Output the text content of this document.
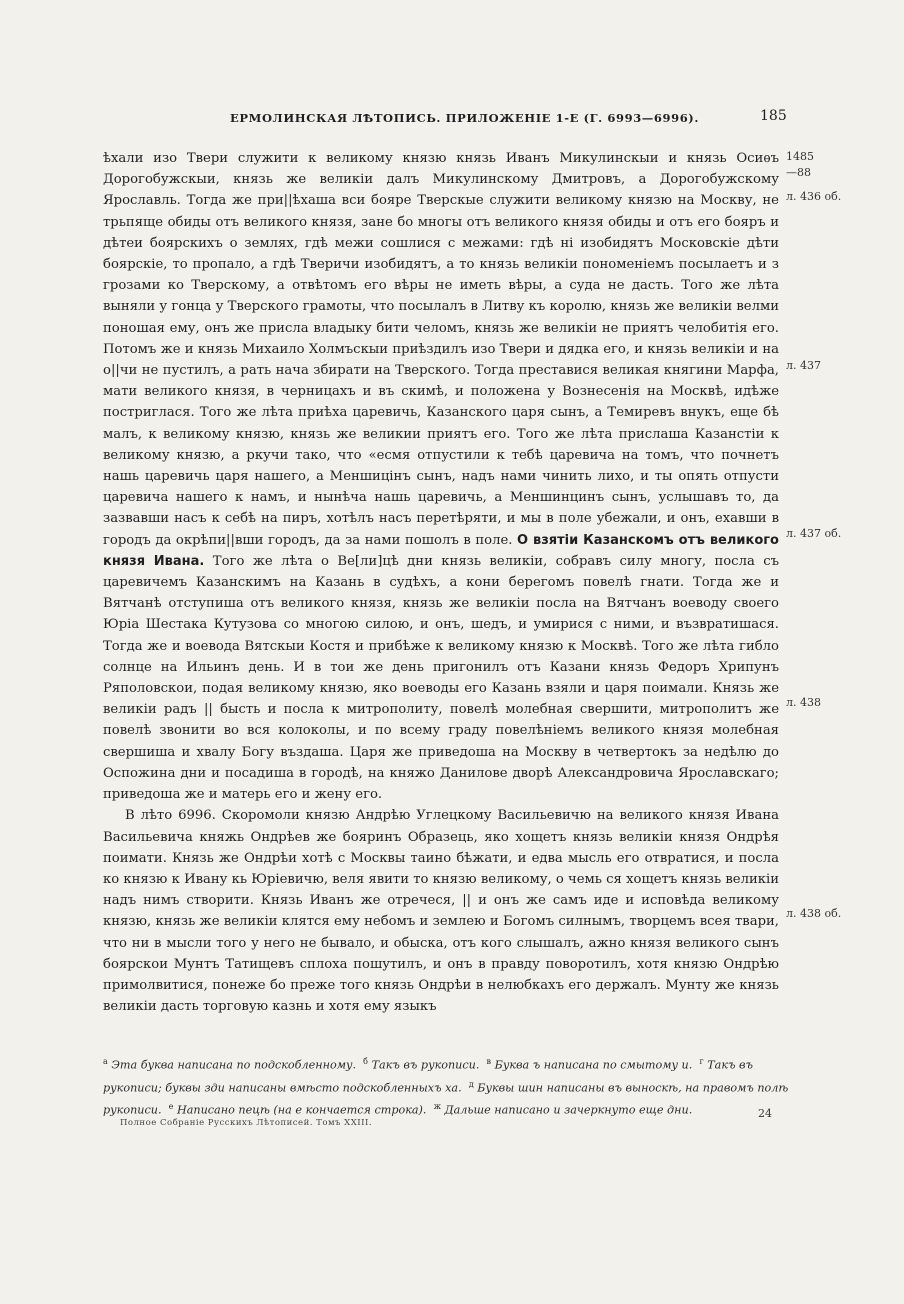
ЕРМОЛИНСКАЯ ЛѢТОПИСЬ. ПРИЛОЖЕНІЕ 1-Е (Г. 6993—6996).	185

ѣхали изо Твери служити к великому князю князь Иванъ Микулинскыи и князь Осиѳъ Дорогобужскыи, князь же великіи далъ Микулинскому Дмитровъ, а Дорогобужскому Ярославль. Тогда же при||ѣхаша вси бояре Тверскые служити великому князю на Москву, не трьпяще обиды отъ великого князя, зане бо многы отъ великого князя обиды и отъ его бояръ и дѣтеи боярскихъ о землях, гдѣ межи сошлися с межами: гдѣ ні изобидятъ Московскіе дѣти боярскіе, то пропало, а гдѣ Тверичи изобидятъ, а то князь великіи пономеніемъ посылаетъ и з грозами ко Тверскому, а отвѣтомъ его вѣры не иметь вѣры, а суда не дасть. Того же лѣта выняли у гонца у Тверского грамоты, что посылалъ в Литву къ королю, князь же великіи велми поношая ему, онъ же присла владыку бити челомъ, князь же великіи не приятъ челобитія его. Потомъ же и князь Михаило Холмъскыи приѣздилъ изо Твери и дядка его, и князь великіи и на о||чи не пустилъ, а рать нача збирати на Тверского. Тогда преставися великая княгини Марфа, мати великого князя, в черницахъ и въ скимѣ, и положена у Вознесенія на Москвѣ, идѣже постриглася. Того же лѣта приѣха царевичь, Казанского царя сынъ, а Темиревъ внукъ, еще бѣ малъ, к великому князю, князь же великии приятъ его. Того же лѣта прислаша Казанстіи к великому князю, а ркучи тако, что «есмя отпустили к тебѣ царевича на томъ, что почнетъ нашь царевичь царя нашего, а Меншицінъ сынъ, надъ нами чинить лихо, и ты опять отпусти царевича нашего к намъ, и нынѣча нашь царевичь, а Меншинцинъ сынъ, услышавъ то, да зазвавши насъ к себѣ на пиръ, хотѣлъ насъ перетѣряти, и мы в поле убежали, и онъ, ехавши в городъ да окрѣпи||вши городъ, да за нами пошолъ в поле. О взятіи Казанскомъ отъ великого князя Ивана. Того же лѣта о Ве[ли]цѣ дни князь великіи, собравъ силу многу, посла съ царевичемъ Казанскимъ на Казань в судѣхъ, а кони берегомъ повелѣ гнати. Тогда же и Вятчанѣ отступиша отъ великого князя, князь же великіи посла на Вятчанъ воеводу своего Юріа Шестака Кутузова со многою силою, и онъ, шедъ, и умирися с ними, и възвратишася. Тогда же и воевода Вятскыи Костя и прибѣже к великому князю к Москвѣ. Того же лѣта гибло солнце на Ильинъ день. И в тои же день пригонилъ отъ Казани князь Федоръ Хрипунъ Ряполовскои, подая великому князю, яко воеводы его Казань взяли и царя поимали. Князь же великіи радъ || бысть и посла к митрополиту, повелѣ молебная свершити, митрополитъ же повелѣ звонити во вся колоколы, и по всему граду повелѣніемъ великого князя молебная свершиша и хвалу Богу въздаша. Царя же приведоша на Москву в четвертокъ за недѣлю до Оспожина дни и посадиша в городѣ, на княжо Данилове дворѣ Александровича Ярославскаго; приведоша же и матерь его и жену его.

В лѣто 6996. Скоромоли князю Андрѣю Углецкому Васильевичю на великого князя Ивана Васильевича княжь Ондрѣев же бояринъ Образець, яко хощетъ князь великіи князя Ондрѣя поимати. Князь же Ондрѣи хотѣ с Москвы таино бѣжати, и едва мысль его отвратися, и посла ко князю к Ивану кь Юріевичю, веля явити то князю великому, о чемь ся хощетъ князь великіи надъ нимъ створити. Князь Иванъ же отречеся, || и онъ же самъ иде и исповѣда великому князю, князь же великіи клятся ему небомъ и землею и Богомъ силнымъ, творцемъ всея твари, что ни в мысли того у него не бывало, и обыска, отъ кого слышалъ, ажно князя великого сынъ боярскои Мунтъ Татищевъ сплоха пошутилъ, и онъ в правду поворотилъ, хотя князю Ондрѣю примолвитися, понеже бо преже того князь Ондрѣи в нелюбкахъ его держалъ. Мунту же князь великіи дасть торговую казнь и хотя ему языкъ

1485
—88
л. 436 об.
л. 437
л. 437 об.
л. 438
л. 438 об.
$^а$ Эта буква написана по подскобленному. $^б$ Такъ въ рукописи. $^в$ Буква ъ написана по смытому и. $^г$ Такъ въ рукописи; буквы зди написаны вмѣсто подскобленныхъ ха. $^д$ Буквы шин написаны въ выноскѣ, на правомъ полѣ рукописи. $^е$ Написано пецѣ (на е кончается строка). $^ж$ Дальше написано и зачеркнуто еще дни.
Полное Собраніе Русскихъ Лѣтописей. Томъ XXIII.
24
